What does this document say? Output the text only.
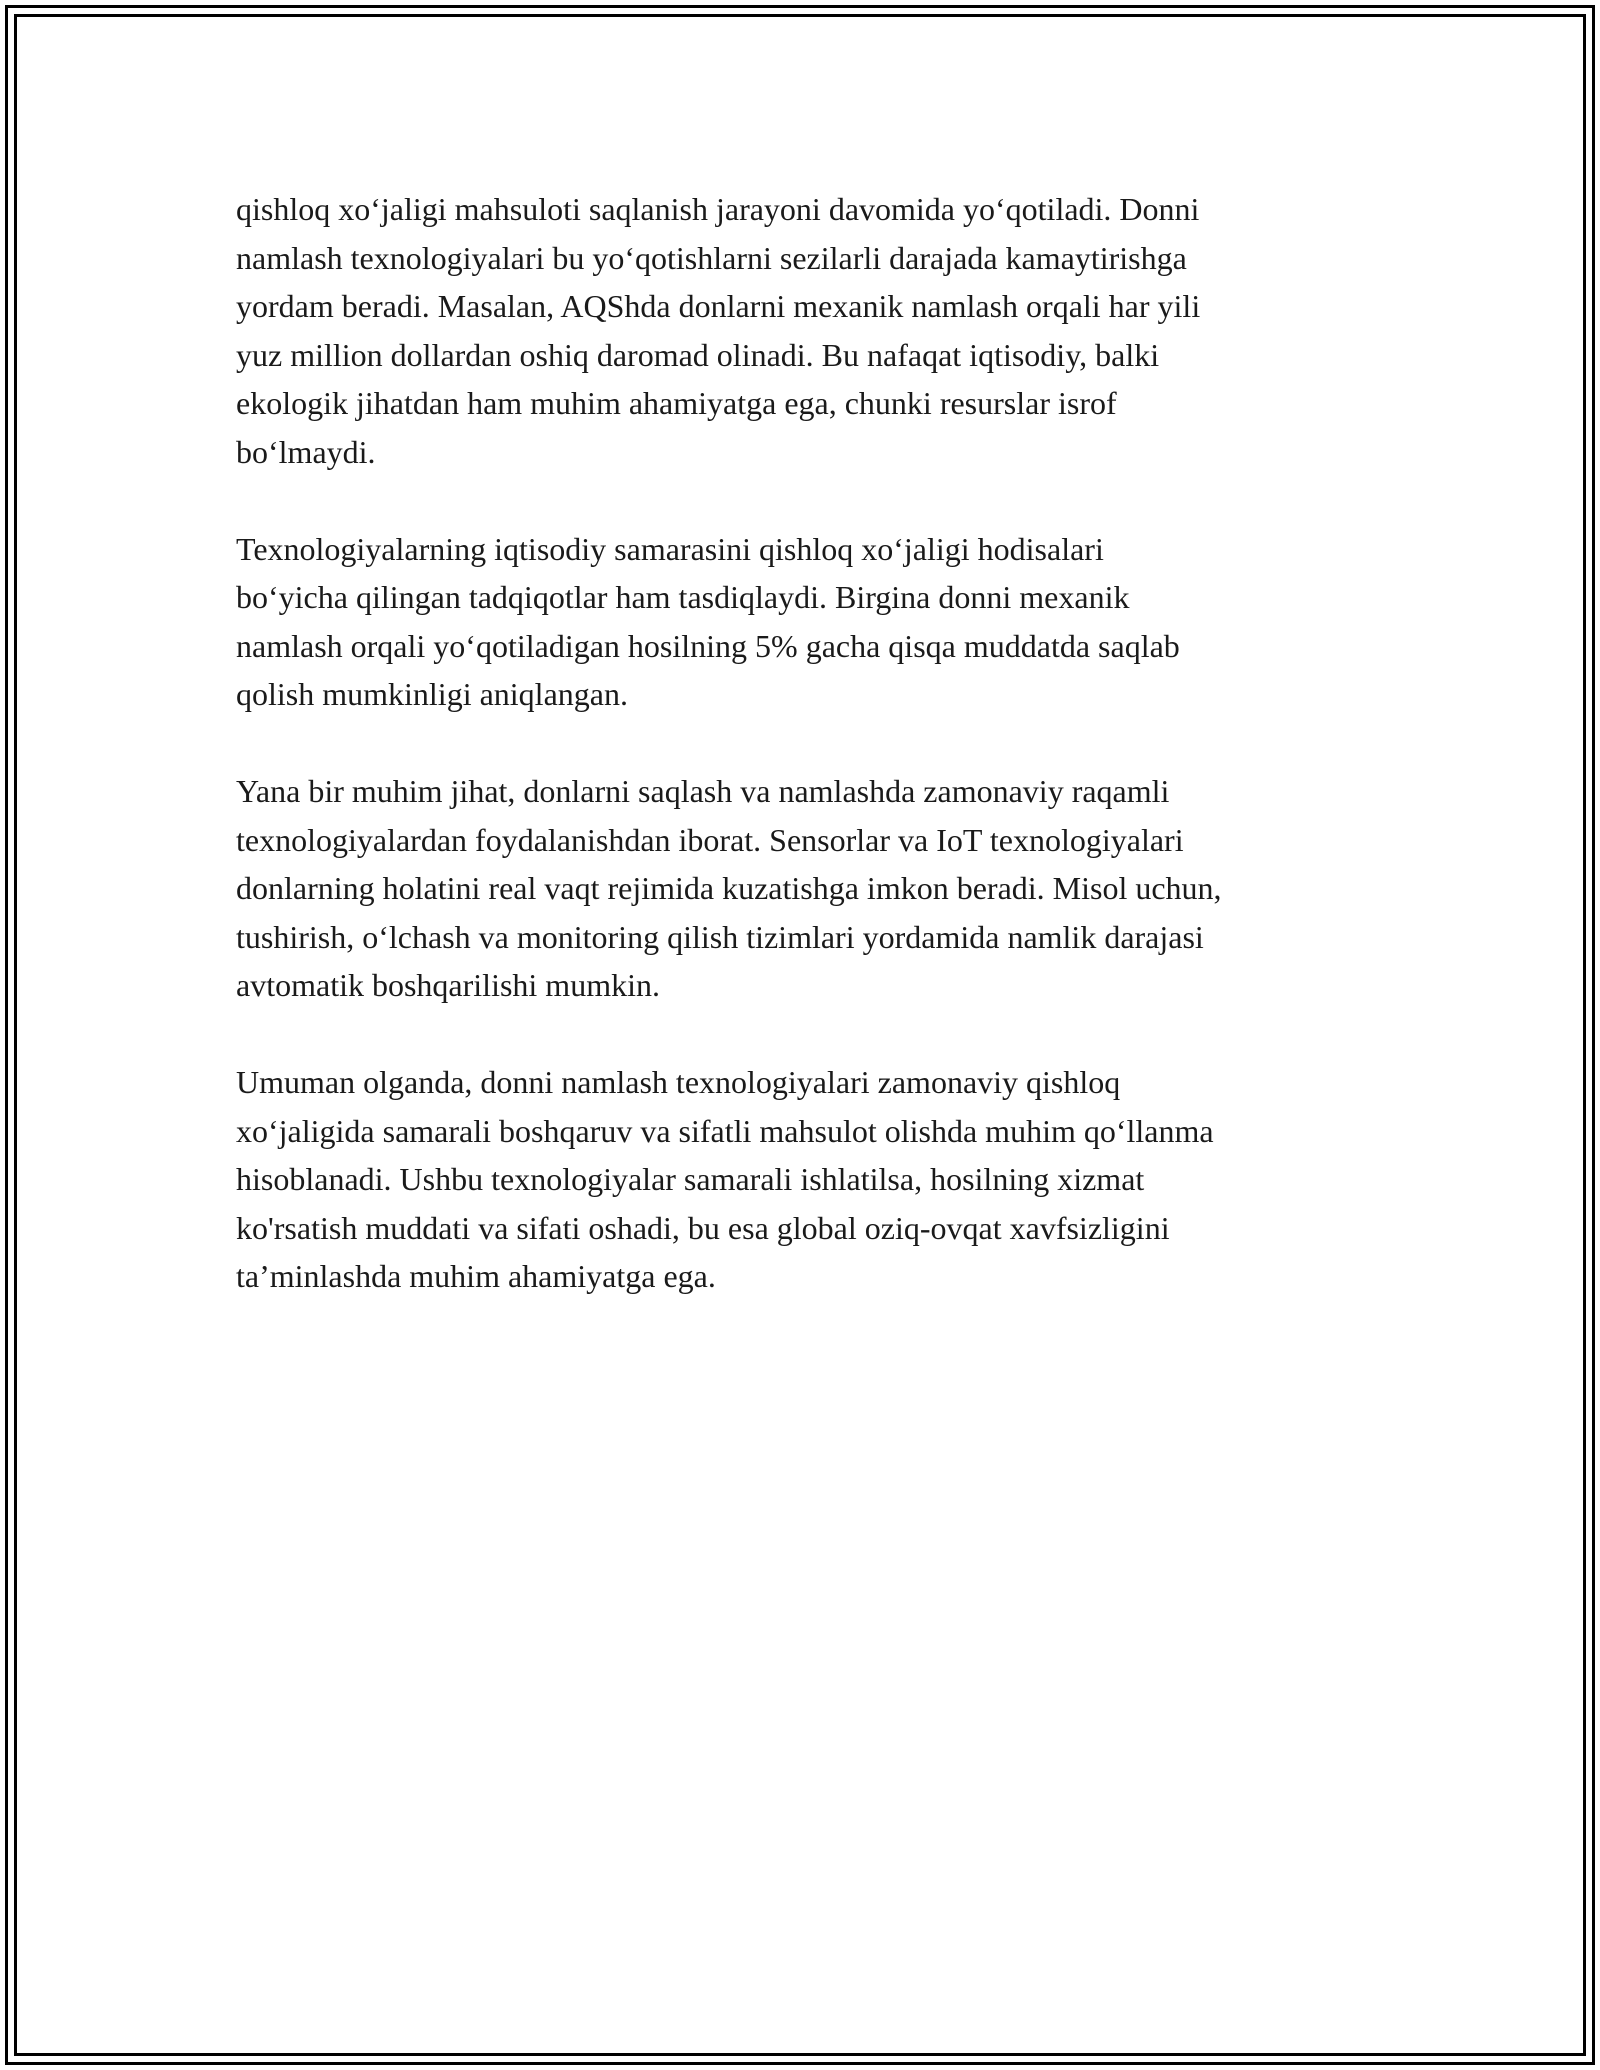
qishloq xo‘jaligi mahsuloti saqlanish jarayoni davomida yo‘qotiladi. Donni
namlash texnologiyalari bu yo‘qotishlarni sezilarli darajada kamaytirishga
yordam beradi. Masalan, AQShda donlarni mexanik namlash orqali har yili
yuz million dollardan oshiq daromad olinadi. Bu nafaqat iqtisodiy, balki
ekologik jihatdan ham muhim ahamiyatga ega, chunki resurslar isrof
bo‘lmaydi.

Texnologiyalarning iqtisodiy samarasini qishloq xo‘jaligi hodisalari
bo‘yicha qilingan tadqiqotlar ham tasdiqlaydi. Birgina donni mexanik
namlash orqali yo‘qotiladigan hosilning 5% gacha qisqa muddatda saqlab
qolish mumkinligi aniqlangan.

Yana bir muhim jihat, donlarni saqlash va namlashda zamonaviy raqamli
texnologiyalardan foydalanishdan iborat. Sensorlar va IoT texnologiyalari
donlarning holatini real vaqt rejimida kuzatishga imkon beradi. Misol uchun,
tushirish, o‘lchash va monitoring qilish tizimlari yordamida namlik darajasi
avtomatik boshqarilishi mumkin.

Umuman olganda, donni namlash texnologiyalari zamonaviy qishloq
xo‘jaligida samarali boshqaruv va sifatli mahsulot olishda muhim qo‘llanma
hisoblanadi. Ushbu texnologiyalar samarali ishlatilsa, hosilning xizmat
ko'rsatish muddati va sifati oshadi, bu esa global oziq-ovqat xavfsizligini
ta’minlashda muhim ahamiyatga ega.
